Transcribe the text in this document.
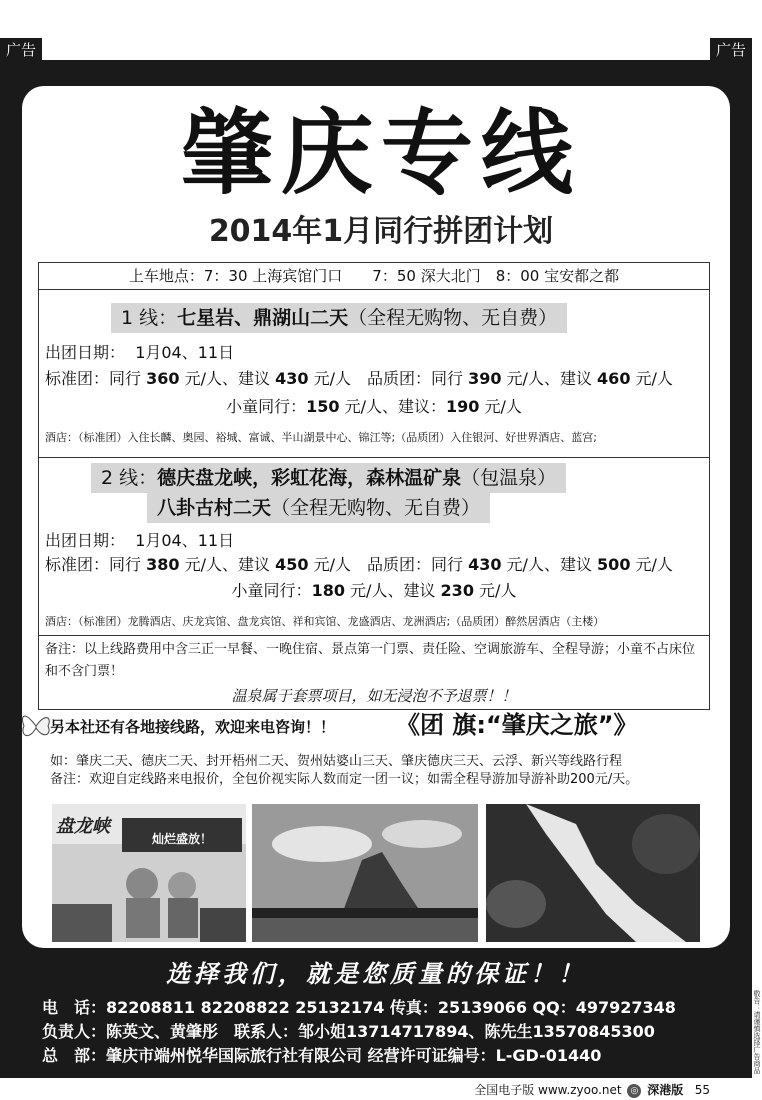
广告	广告
肇庆专线
2014年1月同行拼团计划
上车地点：7：30 上海宾馆门口　　7：50 深大北门　8：00 宝安都之都
1 线：七星岩、鼎湖山二天（全程无购物、无自费）
出团日期： 1月04、11日
标准团：同行 360 元/人、建议 430 元/人　品质团：同行 390 元/人、建议 460 元/人
小童同行：150 元/人、建议：190 元/人
酒店：（标准团）入住长麟、奥园、裕城、富诚、半山湖景中心、锦江等;（品质团）入住银河、好世界酒店、蓝宫;
2 线：德庆盘龙峡，彩虹花海，森林温矿泉（包温泉）
八卦古村二天（全程无购物、无自费）
出团日期： 1月04、11日
标准团：同行 380 元/人、建议 450 元/人　品质团：同行 430 元/人、建议 500 元/人
小童同行：180 元/人、建议 230 元/人
酒店：（标准团）龙腾酒店、庆龙宾馆、盘龙宾馆、祥和宾馆、龙盛酒店、龙洲酒店;（品质团）醉然居酒店（主楼）
备注：以上线路费用中含三正一早餐、一晚住宿、景点第一门票、责任险、空调旅游车、全程导游；小童不占床位和不含门票！
温泉属于套票项目，如无浸泡不予退票！！
另本社还有各地接线路，欢迎来电咨询！！	《团 旗:“肇庆之旅”》
如：肇庆二天、德庆二天、封开梧州二天、贺州姑婆山三天、肇庆德庆三天、云浮、新兴等线路行程
备注：欢迎自定线路来电报价，全包价视实际人数而定一团一议；如需全程导游加导游补助200元/天。
盘龙峡
灿烂盛放！
选择我们，就是您质量的保证！！
电　话：82208811 82208822 25132174 传真：25139066 QQ：497927348
负责人：陈英文、黄肇彤　联系人：邹小姐13714717894、陈先生13570845300
总　部：肇庆市端州悦华国际旅行社有限公司 经营许可证编号：L-GD-01440	敬告：请谨慎选择广告商品
全国电子版 www.zyoo.net ◎ 深港版 55
